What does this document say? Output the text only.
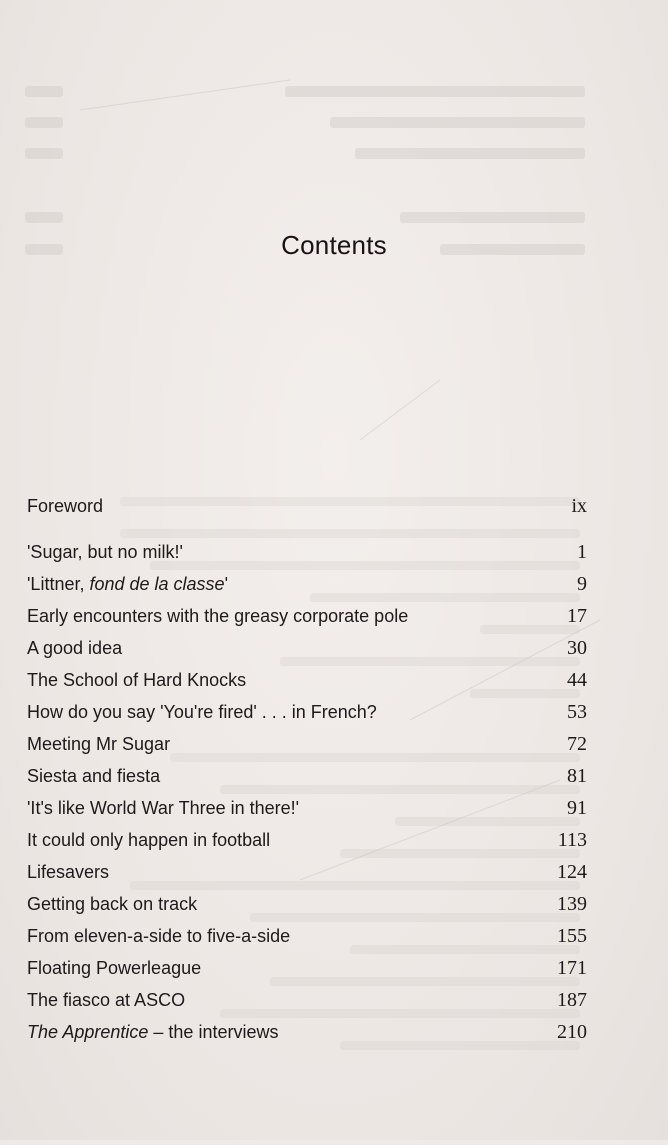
Contents
Foreword	ix
'Sugar, but no milk!'	1
'Littner, fond de la classe'	9
Early encounters with the greasy corporate pole	17
A good idea	30
The School of Hard Knocks	44
How do you say 'You're fired' . . . in French?	53
Meeting Mr Sugar	72
Siesta and fiesta	81
'It's like World War Three in there!'	91
It could only happen in football	113
Lifesavers	124
Getting back on track	139
From eleven-a-side to five-a-side	155
Floating Powerleague	171
The fiasco at ASCO	187
The Apprentice – the interviews	210
